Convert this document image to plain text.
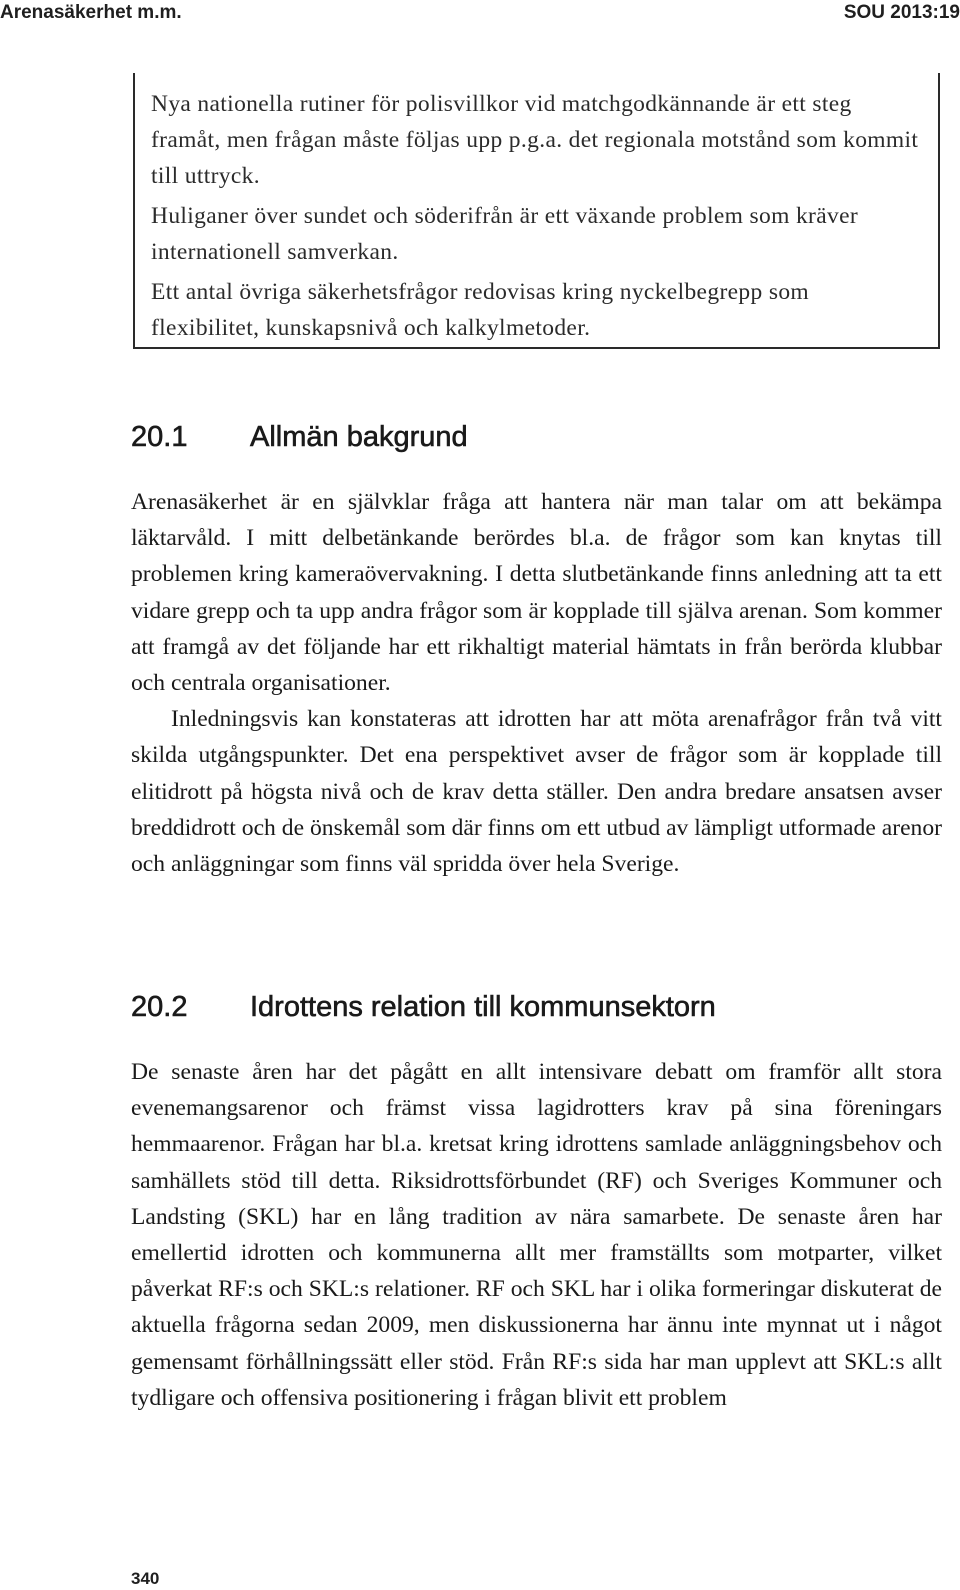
Arenasäkerhet m.m.	SOU 2013:19

Nya nationella rutiner för polisvillkor vid matchgodkännande är ett steg framåt, men frågan måste följas upp p.g.a. det regionala motstånd som kommit till uttryck.

Huliganer över sundet och söderifrån är ett växande problem som kräver internationell samverkan.

Ett antal övriga säkerhetsfrågor redovisas kring nyckelbegrepp som flexibilitet, kunskapsnivå och kalkylmetoder.

20.1	Allmän bakgrund

Arenasäkerhet är en självklar fråga att hantera när man talar om att bekämpa läktarvåld. I mitt delbetänkande berördes bl.a. de frågor som kan knytas till problemen kring kameraövervakning. I detta slutbetänkande finns anledning att ta ett vidare grepp och ta upp andra frågor som är kopplade till själva arenan. Som kommer att framgå av det följande har ett rikhaltigt material hämtats in från berörda klubbar och centrala organisationer.

Inledningsvis kan konstateras att idrotten har att möta arenafrågor från två vitt skilda utgångspunkter. Det ena perspektivet avser de frågor som är kopplade till elitidrott på högsta nivå och de krav detta ställer. Den andra bredare ansatsen avser breddidrott och de önskemål som där finns om ett utbud av lämpligt utformade arenor och anläggningar som finns väl spridda över hela Sverige.

20.2	Idrottens relation till kommunsektorn

De senaste åren har det pågått en allt intensivare debatt om framför allt stora evenemangsarenor och främst vissa lagidrotters krav på sina föreningars hemmaarenor. Frågan har bl.a. kretsat kring idrottens samlade anläggningsbehov och samhällets stöd till detta. Riksidrottsförbundet (RF) och Sveriges Kommuner och Landsting (SKL) har en lång tradition av nära samarbete. De senaste åren har emellertid idrotten och kommunerna allt mer framställts som motparter, vilket påverkat RF:s och SKL:s relationer. RF och SKL har i olika formeringar diskuterat de aktuella frågorna sedan 2009, men diskussionerna har ännu inte mynnat ut i något gemensamt förhållningssätt eller stöd. Från RF:s sida har man upplevt att SKL:s allt tydligare och offensiva positionering i frågan blivit ett problem

340
